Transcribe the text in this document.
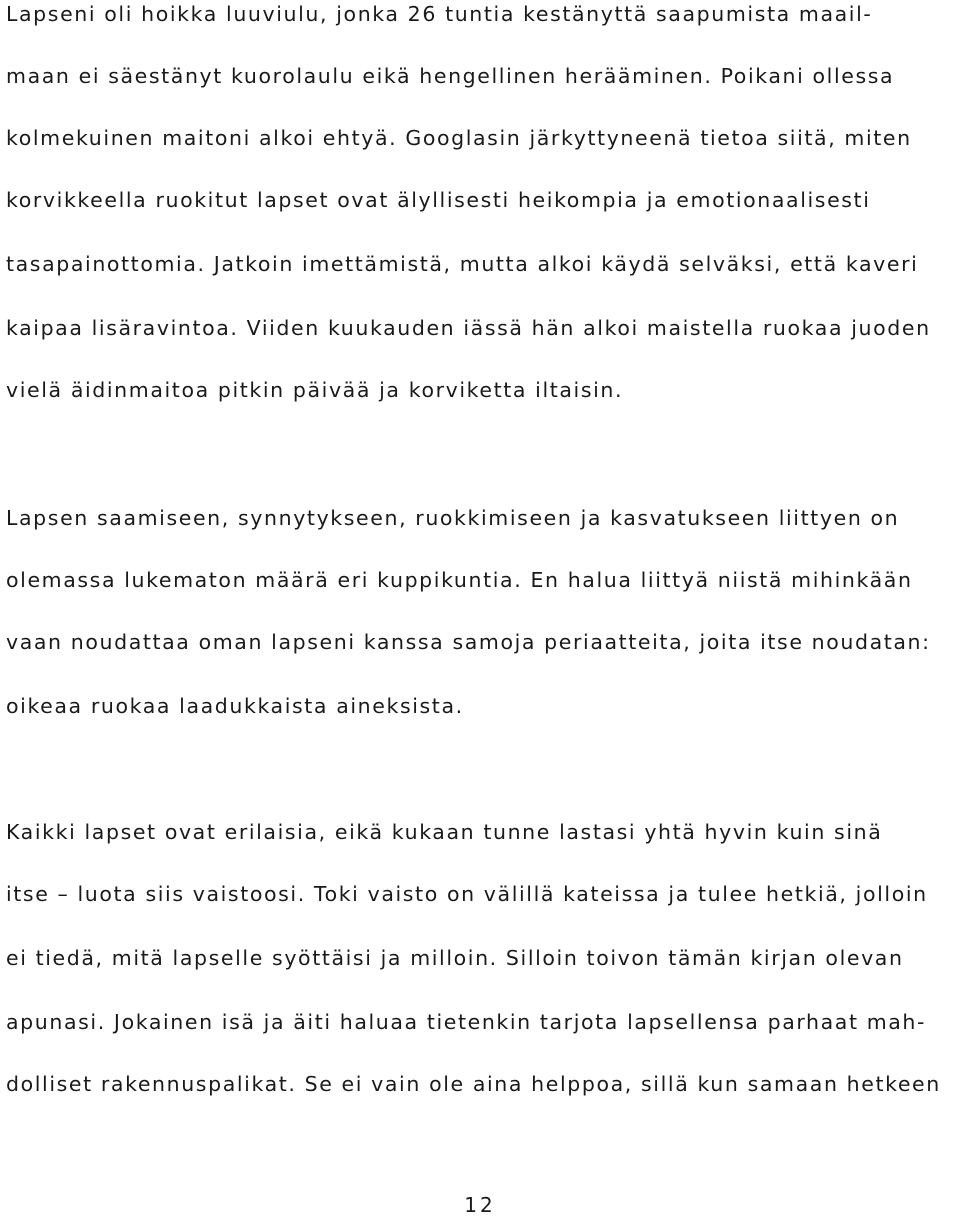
Lapseni oli hoikka luuviulu, jonka 26 tuntia kestänyttä saapumista maail-
maan ei säestänyt kuorolaulu eikä hengellinen herääminen. Poikani ollessa
kolmekuinen maitoni alkoi ehtyä. Googlasin järkyttyneenä tietoa siitä, miten
korvikkeella ruokitut lapset ovat älyllisesti heikompia ja emotionaalisesti
tasapainottomia. Jatkoin imettämistä, mutta alkoi käydä selväksi, että kaveri
kaipaa lisäravintoa. Viiden kuukauden iässä hän alkoi maistella ruokaa juoden
vielä äidinmaitoa pitkin päivää ja korviketta iltaisin.
Lapsen saamiseen, synnytykseen, ruokkimiseen ja kasvatukseen liittyen on
olemassa lukematon määrä eri kuppikuntia. En halua liittyä niistä mihinkään
vaan noudattaa oman lapseni kanssa samoja periaatteita, joita itse noudatan:
oikeaa ruokaa laadukkaista aineksista.
Kaikki lapset ovat erilaisia, eikä kukaan tunne lastasi yhtä hyvin kuin sinä
itse – luota siis vaistoosi. Toki vaisto on välillä kateissa ja tulee hetkiä, jolloin
ei tiedä, mitä lapselle syöttäisi ja milloin. Silloin toivon tämän kirjan olevan
apunasi. Jokainen isä ja äiti haluaa tietenkin tarjota lapsellensa parhaat mah-
dolliset rakennuspalikat. Se ei vain ole aina helppoa, sillä kun samaan hetkeen
12
